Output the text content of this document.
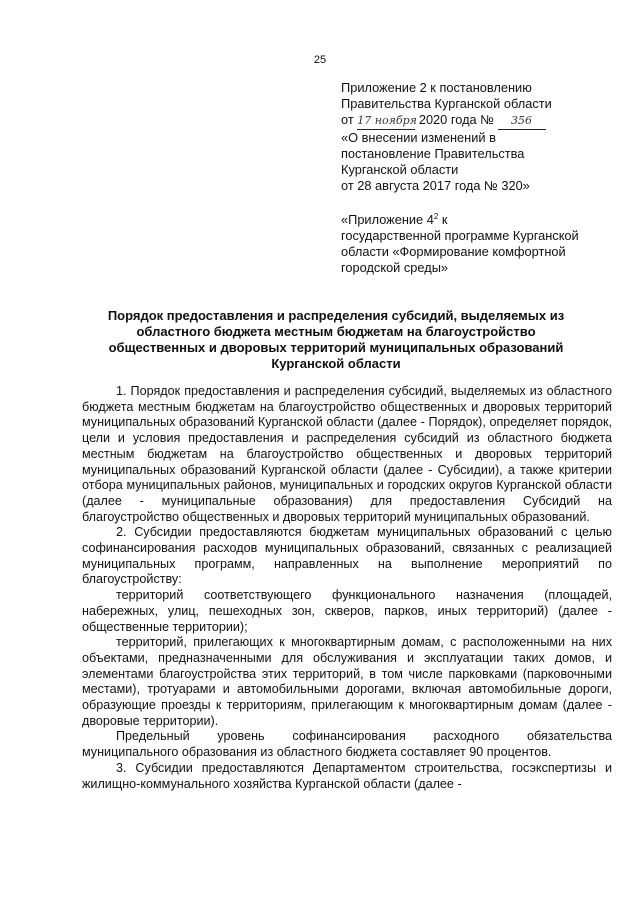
25
Приложение 2 к постановлению
Правительства Курганской области
от 17 ноября 2020 года № 356
«О внесении изменений в
постановление Правительства
Курганской области
от 28 августа 2017 года № 320»
«Приложение $4^2$ к
государственной программе Курганской
области «Формирование комфортной
городской среды»
Порядок предоставления и распределения субсидий, выделяемых из
областного бюджета местным бюджетам на благоустройство
общественных и дворовых территорий муниципальных образований
Курганской области

1. Порядок предоставления и распределения субсидий, выделяемых из областного бюджета местным бюджетам на благоустройство общественных и дворовых территорий муниципальных образований Курганской области (далее - Порядок), определяет порядок, цели и условия предоставления и распределения субсидий из областного бюджета местным бюджетам на благоустройство общественных и дворовых территорий муниципальных образований Курганской области (далее - Субсидии), а также критерии отбора муниципальных районов, муниципальных и городских округов Курганской области (далее - муниципальные образования) для предоставления Субсидий на благоустройство общественных и дворовых территорий муниципальных образований.

2. Субсидии предоставляются бюджетам муниципальных образований с целью софинансирования расходов муниципальных образований, связанных с реализацией муниципальных программ, направленных на выполнение мероприятий по благоустройству:

территорий соответствующего функционального назначения (площадей, набережных, улиц, пешеходных зон, скверов, парков, иных территорий) (далее - общественные территории);

территорий, прилегающих к многоквартирным домам, с расположенными на них объектами, предназначенными для обслуживания и эксплуатации таких домов, и элементами благоустройства этих территорий, в том числе парковками (парковочными местами), тротуарами и автомобильными дорогами, включая автомобильные дороги, образующие проезды к территориям, прилегающим к многоквартирным домам (далее - дворовые территории).

Предельный уровень софинансирования расходного обязательства муниципального образования из областного бюджета составляет 90 процентов.

3. Субсидии предоставляются Департаментом строительства, госэкспертизы и жилищно-коммунального хозяйства Курганской области (далее -
